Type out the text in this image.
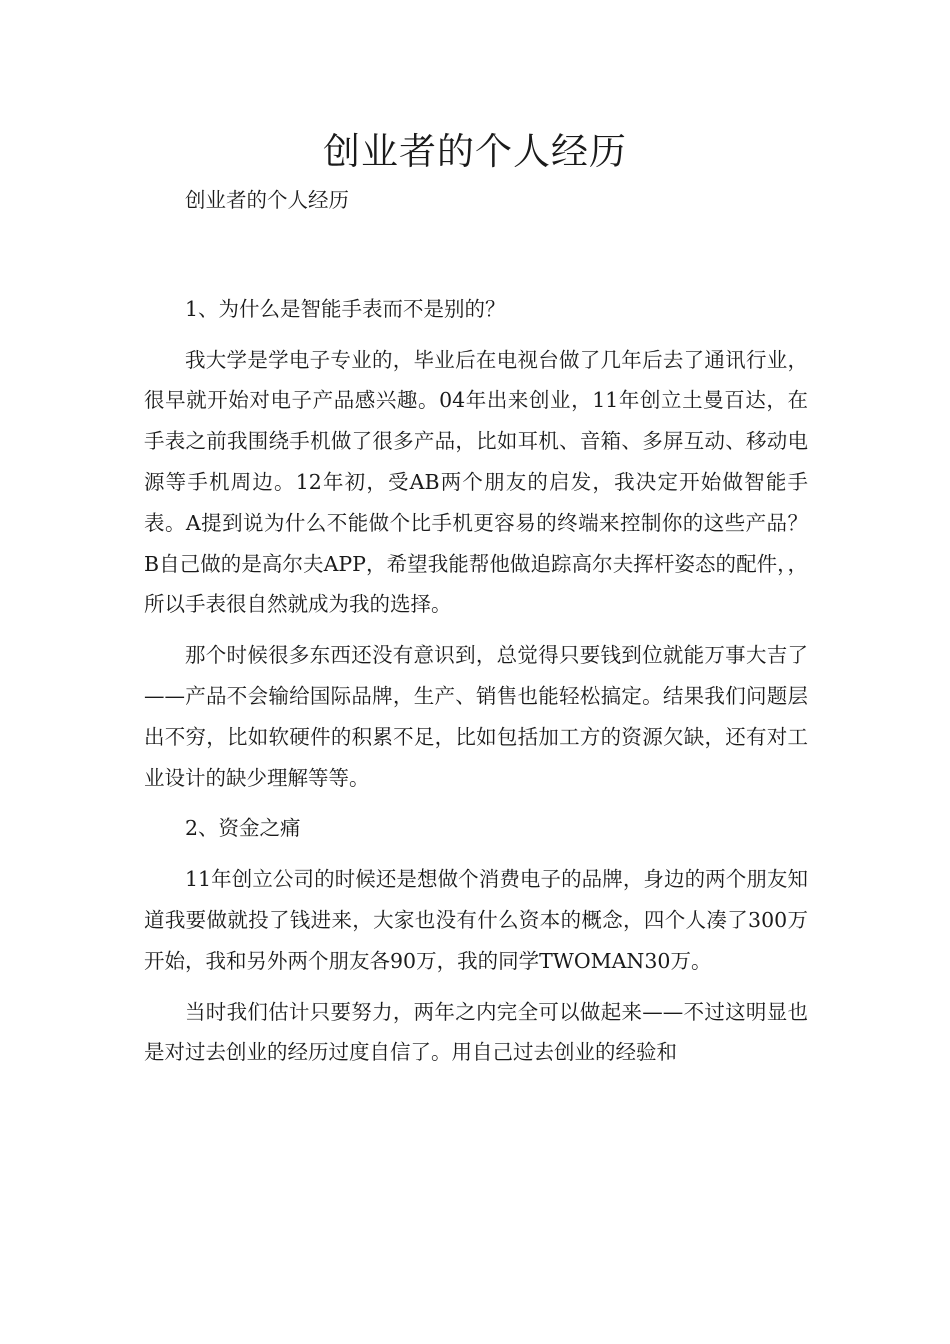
创业者的个人经历

创业者的个人经历

1、为什么是智能手表而不是别的？

我大学是学电子专业的，毕业后在电视台做了几年后去了通讯行业，很早就开始对电子产品感兴趣。04年出来创业，11年创立土曼百达，在手表之前我围绕手机做了很多产品，比如耳机、音箱、多屏互动、移动电源等手机周边。12年初，受AB两个朋友的启发，我决定开始做智能手表。A提到说为什么不能做个比手机更容易的终端来控制你的这些产品？B自己做的是高尔夫APP，希望我能帮他做追踪高尔夫挥杆姿态的配件，，所以手表很自然就成为我的选择。

那个时候很多东西还没有意识到，总觉得只要钱到位就能万事大吉了——产品不会输给国际品牌，生产、销售也能轻松搞定。结果我们问题层出不穷，比如软硬件的积累不足，比如包括加工方的资源欠缺，还有对工业设计的缺少理解等等。

2、资金之痛

11年创立公司的时候还是想做个消费电子的品牌，身边的两个朋友知道我要做就投了钱进来，大家也没有什么资本的概念，四个人凑了300万开始，我和另外两个朋友各90万，我的同学TWOMAN30万。

当时我们估计只要努力，两年之内完全可以做起来——不过这明显也是对过去创业的经历过度自信了。用自己过去创业的经验和
